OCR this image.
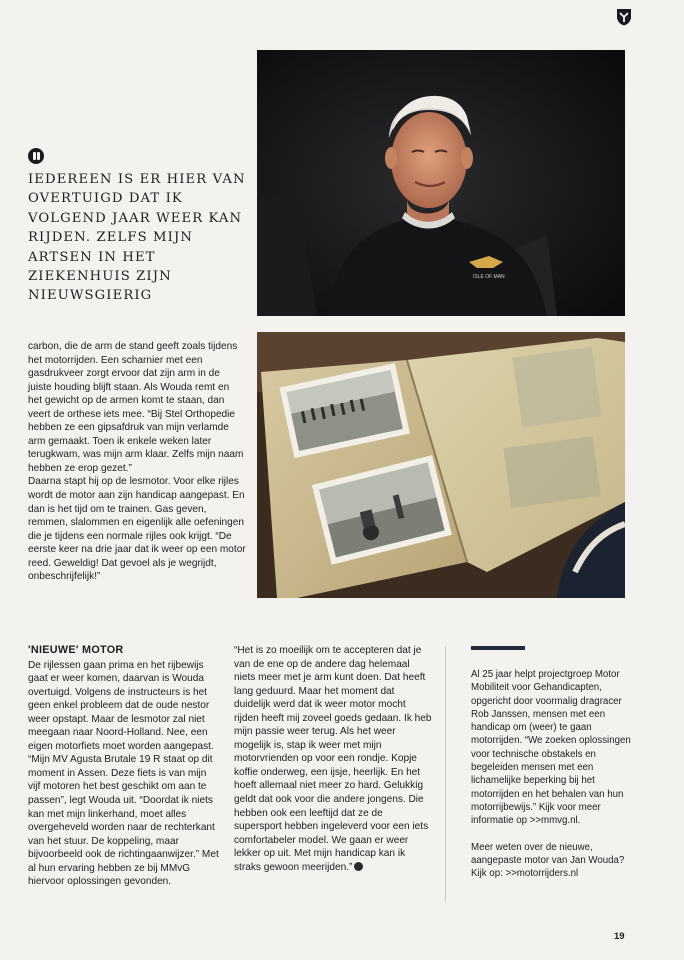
IEDEREEN IS ER HIER VAN OVERTUIGD DAT IK VOLGEND JAAR WEER KAN RIJDEN. ZELFS MIJN ARTSEN IN HET ZIEKENHUIS ZIJN NIEUWSGIERIG
ISLE OF MAN

carbon, die de arm de stand geeft zoals tijdens het motorrijden. Een scharnier met een gasdrukveer zorgt ervoor dat zijn arm in de juiste houding blijft staan. Als Wouda remt en het gewicht op de armen komt te staan, dan veert de orthese iets mee. “Bij Stel Orthopedie hebben ze een gipsafdruk van mijn verlamde arm gemaakt. Toen ik enkele weken later terugkwam, was mijn arm klaar. Zelfs mijn naam hebben ze erop gezet.”

Daarna stapt hij op de lesmotor. Voor elke rijles wordt de motor aan zijn handicap aangepast. En dan is het tijd om te trainen. Gas geven, remmen, slalommen en eigenlijk alle oefeningen die je tijdens een normale rijles ook krijgt. “De eerste keer na drie jaar dat ik weer op een motor reed. Geweldig! Dat gevoel als je wegrijdt, onbeschrijfelijk!”

'NIEUWE' MOTOR

De rijlessen gaan prima en het rijbewijs gaat er weer komen, daarvan is Wouda overtuigd. Volgens de instructeurs is het geen enkel probleem dat de oude nestor weer opstapt. Maar de lesmotor zal niet meegaan naar Noord-Holland. Nee, een eigen motorfiets moet worden aangepast. “Mijn MV Agusta Brutale 19 R staat op dit moment in Assen. Deze fiets is van mijn vijf motoren het best geschikt om aan te passen”, legt Wouda uit. “Doordat ik niets kan met mijn linkerhand, moet alles overgeheveld worden naar de rechterkant van het stuur. De koppeling, maar bijvoorbeeld ook de richtingaanwijzer.” Met al hun ervaring hebben ze bij MMvG hiervoor oplossingen gevonden.

“Het is zo moeilijk om te accepteren dat je van de ene op de andere dag helemaal niets meer met je arm kunt doen. Dat heeft lang geduurd. Maar het moment dat duidelijk werd dat ik weer motor mocht rijden heeft mij zoveel goeds gedaan. Ik heb mijn passie weer terug. Als het weer mogelijk is, stap ik weer met mijn motorvrienden op voor een rondje. Kopje koffie onderweg, een ijsje, heerlijk. En het hoeft allemaal niet meer zo hard. Gelukkig geldt dat ook voor die andere jongens. Die hebben ook een leeftijd dat ze de supersport hebben ingeleverd voor een iets comfortabeler model. We gaan er weer lekker op uit. Met mijn handicap kan ik straks gewoon meerijden.”

Al 25 jaar helpt projectgroep Motor Mobiliteit voor Gehandicapten, opgericht door voormalig dragracer Rob Janssen, mensen met een handicap om (weer) te gaan motorrijden. “We zoeken oplossingen voor technische obstakels en begeleiden mensen met een lichamelijke beperking bij het motorrijden en het behalen van hun motorrijbewijs.” Kijk voor meer informatie op >>mmvg.nl.

Meer weten over de nieuwe, aangepaste motor van Jan Wouda? Kijk op: >>motorrijders.nl

19
